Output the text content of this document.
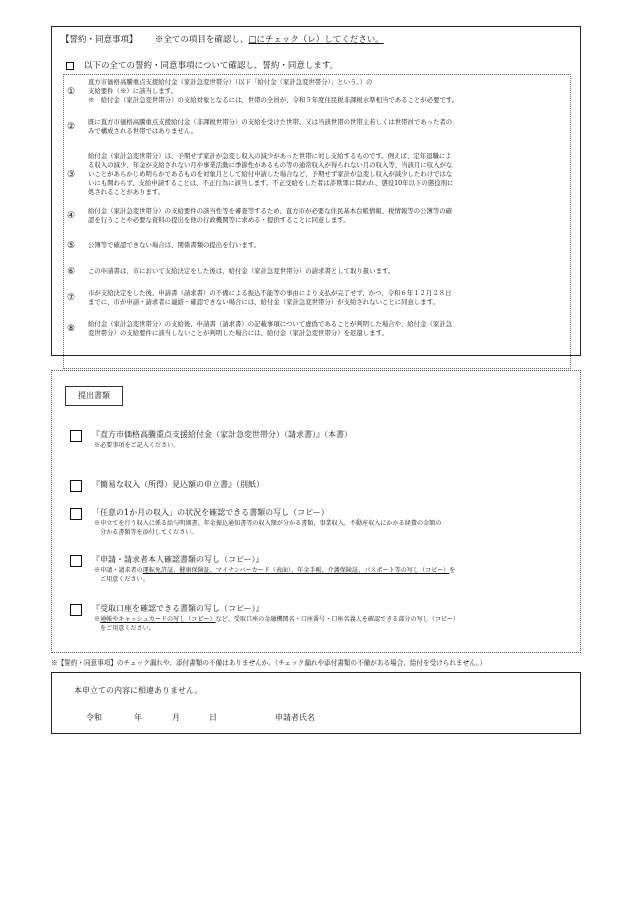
【誓約・同意事項】 ※全ての項目を確認し、□にチェック（レ）してください。
以下の全ての誓約・同意事項について確認し、誓約・同意します。
①
直方市価格高騰重点支援給付金（家計急変世帯分）（以下「給付金（家計急変世帯分）」という。）の
支給要件（※）に該当します。
※　給付金（家計急変世帯分）の支給対象となるには、世帯の全員が、令和５年度住民税非課税水準相当であることが必要です。
② 既に直方市価格高騰重点支援給付金（非課税世帯分）の支給を受けた世帯、又は当該世帯の世帯主若しくは世帯員であった者の
みで構成される世帯ではありません。
③
給付金（家計急変世帯分）は、予期せず家計が急変し収入の減少があった世帯に対し支給するものです。例えば、定年退職によ
る収入の減少、年金が支給されない月や事業活動に季節性があるもの等の通常収入が得られない月の収入等、当該月に収入がな
いことがあらかじめ明らかであるものを対象月として給付申請した場合など、予期せず家計が急変し収入が減少したわけではな
いにも関わらず、支給申請することは、不正行為に該当します。不正受給をした者は詐欺罪に問われ、懲役10年以下の懲役刑に
処されることがあります。
④ 給付金（家計急変世帯分）の支給要件の該当性等を審査等するため、直方市が必要な住民基本台帳情報、税情報等の公簿等の確
認を行うことや必要な資料の提出を他の行政機関等に求める・提供することに同意します。
⑤ 公簿等で確認できない場合は、関係書類の提出を行います。
⑥ この申請書は、市において支給決定をした後は、給付金（家計急変世帯分）の請求書として取り扱います。
⑦ 市が支給決定をした後、申請書（請求書）の不備による振込不能等の事由により支払が完了せず、かつ、令和６年１２月２８日
までに、市が申請・請求者に連絡・確認できない場合には、給付金（家計急変世帯分）が支給されないことに同意します。
⑧ 給付金（家計急変世帯分）の支給後、申請書（請求書）の記載事項について虚偽であることが判明した場合や、給付金（家計急
変世帯分）の支給要件に該当しないことが判明した場合には、給付金（家計急変世帯分）を返還します。
提出書類
『直方市価格高騰重点支援給付金（家計急変世帯分）（請求書）』（本書）
※必要事項をご記入ください。
『簡易な収入（所得）見込額の申立書』（別紙）
「任意の1か月の収入」の状況を確認できる書類の写し（コピー）
※申立てを行う収入に係る給与明細書、年金振込通知書等の収入額が分かる書類、事業収入、不動産収入にかかる経費の金額の
分かる書類等を添付してください。
『申請・請求者本人確認書類の写し（コピー）』
※申請・請求者の運転免許証、健康保険証、マイナンバーカード（表面）、年金手帳、介護保険証、パスポート等の写し（コピー）を
ご用意ください。
『受取口座を確認できる書類の写し（コピー）』
※通帳やキャッシュカードの写し（コピー）など、受取口座の金融機関名・口座番号・口座名義人を確認できる部分の写し（コピー）
をご用意ください。
※【誓約・同意事項】のチェック漏れや、添付書類の不備はありませんか。（チェック漏れや添付書類の不備がある場合、給付を受けられません。）
本申立ての内容に相違ありません。
令和	年	月	日	申請者氏名
